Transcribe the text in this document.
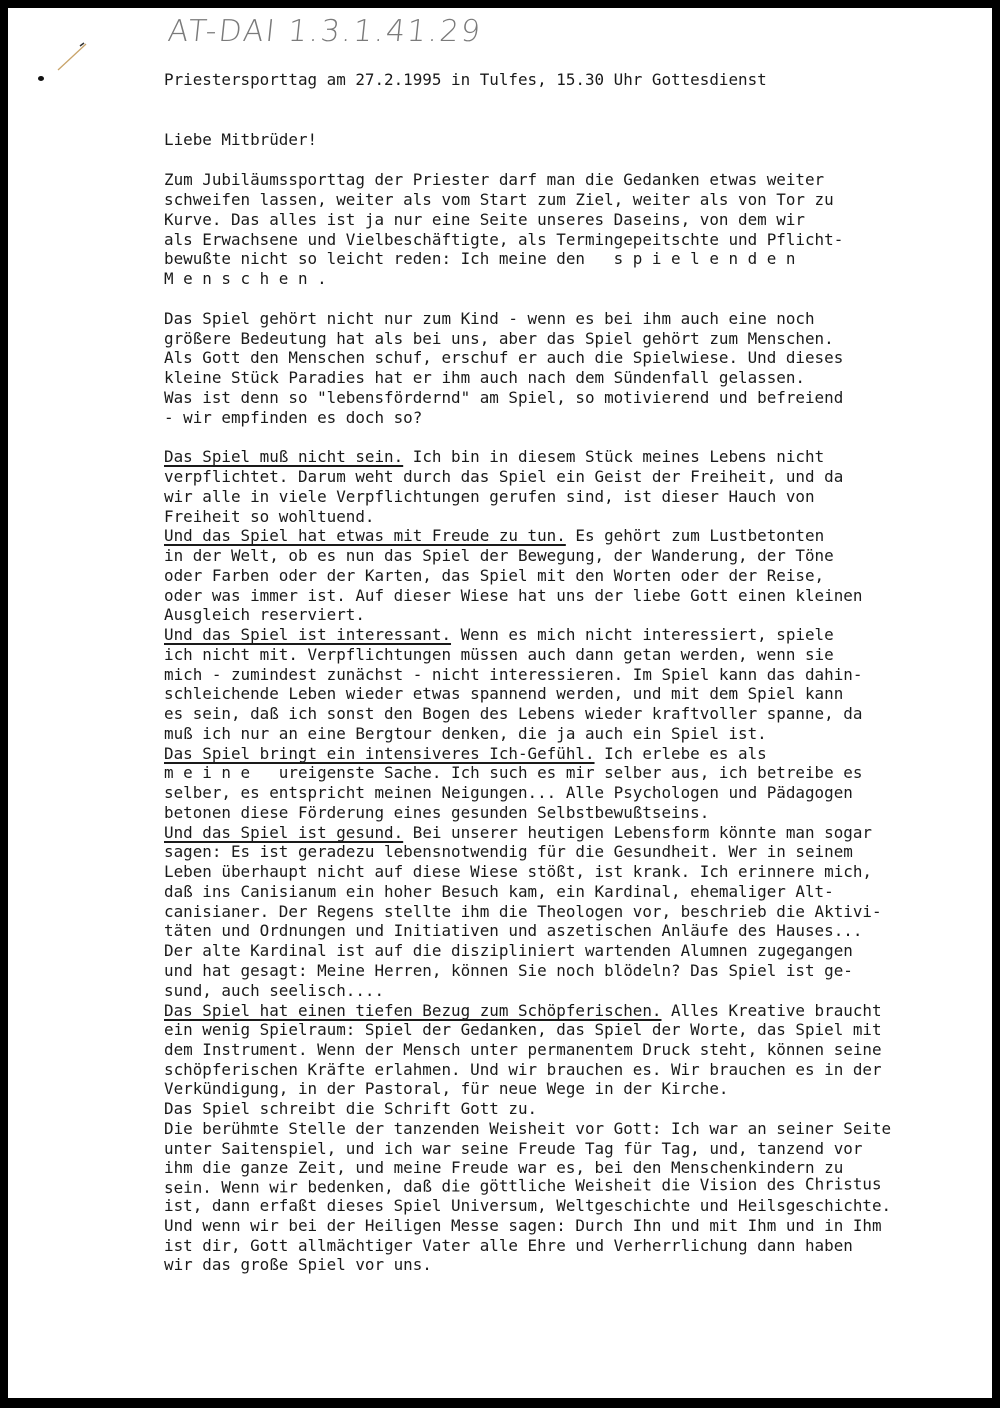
AT-DAI 1.3.1.41.29
Priestersporttag am 27.2.1995 in Tulfes, 15.30 Uhr Gottesdienst
Liebe Mitbrüder!
Zum Jubiläumssporttag der Priester darf man die Gedanken etwas weiter
schweifen lassen, weiter als vom Start zum Ziel, weiter als von Tor zu
Kurve. Das alles ist ja nur eine Seite unseres Daseins, von dem wir
als Erwachsene und Vielbeschäftigte, als Termingepeitschte und Pflicht-
bewußte nicht so leicht reden: Ich meine den   s p i e l e n d e n
M e n s c h e n .
Das Spiel gehört nicht nur zum Kind - wenn es bei ihm auch eine noch
größere Bedeutung hat als bei uns, aber das Spiel gehört zum Menschen.
Als Gott den Menschen schuf, erschuf er auch die Spielwiese. Und dieses
kleine Stück Paradies hat er ihm auch nach dem Sündenfall gelassen.
Was ist denn so "lebensfördernd" am Spiel, so motivierend und befreiend
- wir empfinden es doch so?
Das Spiel muß nicht sein. Ich bin in diesem Stück meines Lebens nicht
verpflichtet. Darum weht durch das Spiel ein Geist der Freiheit, und da
wir alle in viele Verpflichtungen gerufen sind, ist dieser Hauch von
Freiheit so wohltuend.
Und das Spiel hat etwas mit Freude zu tun. Es gehört zum Lustbetonten
in der Welt, ob es nun das Spiel der Bewegung, der Wanderung, der Töne
oder Farben oder der Karten, das Spiel mit den Worten oder der Reise,
oder was immer ist. Auf dieser Wiese hat uns der liebe Gott einen kleinen
Ausgleich reserviert.
Und das Spiel ist interessant. Wenn es mich nicht interessiert, spiele
ich nicht mit. Verpflichtungen müssen auch dann getan werden, wenn sie
mich - zumindest zunächst - nicht interessieren. Im Spiel kann das dahin-
schleichende Leben wieder etwas spannend werden, und mit dem Spiel kann
es sein, daß ich sonst den Bogen des Lebens wieder kraftvoller spanne, da
muß ich nur an eine Bergtour denken, die ja auch ein Spiel ist.
Das Spiel bringt ein intensiveres Ich-Gefühl. Ich erlebe es als
m e i n e   ureigenste Sache. Ich such es mir selber aus, ich betreibe es
selber, es entspricht meinen Neigungen... Alle Psychologen und Pädagogen
betonen diese Förderung eines gesunden Selbstbewußtseins.
Und das Spiel ist gesund. Bei unserer heutigen Lebensform könnte man sogar
sagen: Es ist geradezu lebensnotwendig für die Gesundheit. Wer in seinem
Leben überhaupt nicht auf diese Wiese stößt, ist krank. Ich erinnere mich,
daß ins Canisianum ein hoher Besuch kam, ein Kardinal, ehemaliger Alt-
canisianer. Der Regens stellte ihm die Theologen vor, beschrieb die Aktivi-
täten und Ordnungen und Initiativen und aszetischen Anläufe des Hauses...
Der alte Kardinal ist auf die diszipliniert wartenden Alumnen zugegangen
und hat gesagt: Meine Herren, können Sie noch blödeln? Das Spiel ist ge-
sund, auch seelisch....
Das Spiel hat einen tiefen Bezug zum Schöpferischen. Alles Kreative braucht
ein wenig Spielraum: Spiel der Gedanken, das Spiel der Worte, das Spiel mit
dem Instrument. Wenn der Mensch unter permanentem Druck steht, können seine
schöpferischen Kräfte erlahmen. Und wir brauchen es. Wir brauchen es in der
Verkündigung, in der Pastoral, für neue Wege in der Kirche.
Das Spiel schreibt die Schrift Gott zu.
Die berühmte Stelle der tanzenden Weisheit vor Gott: Ich war an seiner Seite
unter Saitenspiel, und ich war seine Freude Tag für Tag, und, tanzend vor
ihm die ganze Zeit, und meine Freude war es, bei den Menschenkindern zu
sein. Wenn wir bedenken, daß die göttliche Weisheit die Vision des Christus
ist, dann erfaßt dieses Spiel Universum, Weltgeschichte und Heilsgeschichte.
Und wenn wir bei der Heiligen Messe sagen: Durch Ihn und mit Ihm und in Ihm
ist dir, Gott allmächtiger Vater alle Ehre und Verherrlichung dann haben
wir das große Spiel vor uns.
